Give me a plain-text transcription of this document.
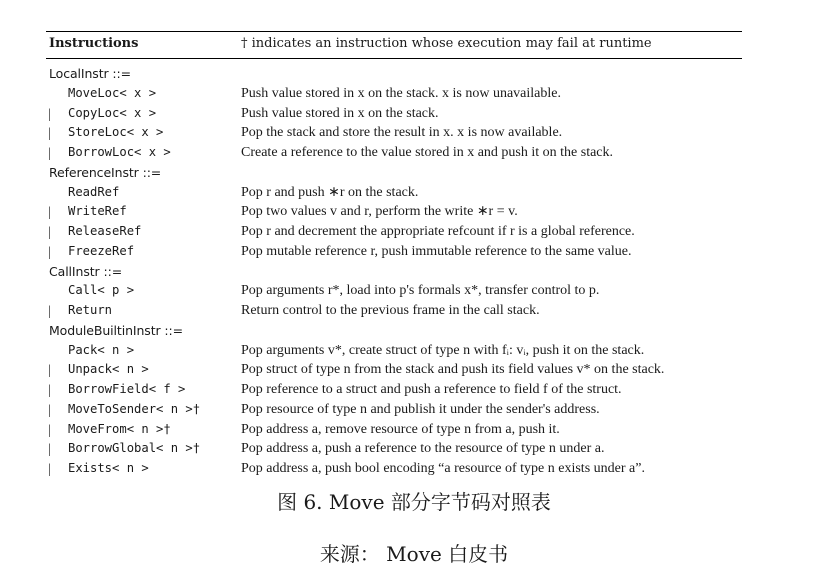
Instructions	† indicates an instruction whose execution may fail at runtime
LocalInstr ::=
MoveLoc< x >	Push value stored in x on the stack. x is now unavailable.
| CopyLoc< x >	Push value stored in x on the stack.
| StoreLoc< x >	Pop the stack and store the result in x. x is now available.
| BorrowLoc< x >	Create a reference to the value stored in x and push it on the stack.
ReferenceInstr ::=
ReadRef	Pop r and push ∗r on the stack.
| WriteRef	Pop two values v and r, perform the write ∗r = v.
| ReleaseRef	Pop r and decrement the appropriate refcount if r is a global reference.
| FreezeRef	Pop mutable reference r, push immutable reference to the same value.
CallInstr ::=
Call< p >	Pop arguments r*, load into p's formals x*, transfer control to p.
| Return	Return control to the previous frame in the call stack.
ModuleBuiltinInstr ::=
Pack< n >	Pop arguments v*, create struct of type n with fᵢ: vᵢ, push it on the stack.
| Unpack< n >	Pop struct of type n from the stack and push its field values v* on the stack.
| BorrowField< f >	Pop reference to a struct and push a reference to field f of the struct.
| MoveToSender< n >†	Pop resource of type n and publish it under the sender's address.
| MoveFrom< n >†	Pop address a, remove resource of type n from a, push it.
| BorrowGlobal< n >†	Pop address a, push a reference to the resource of type n under a.
| Exists< n >	Pop address a, push bool encoding “a resource of type n exists under a”.
图 6. Move 部分字节码对照表
来源： Move 白皮书
